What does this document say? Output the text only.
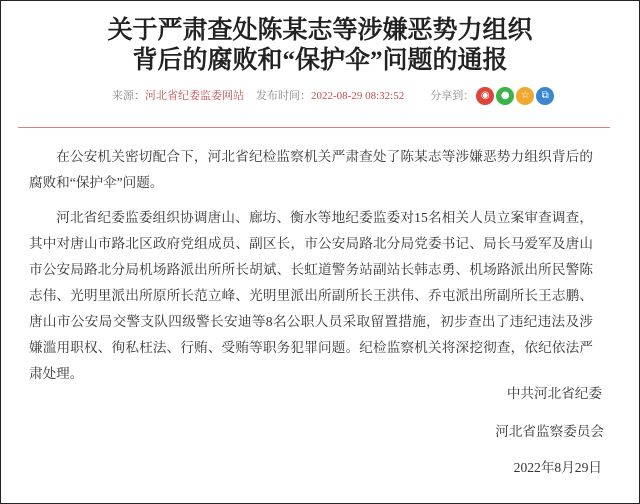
关于严肃查处陈某志等涉嫌恶势力组织
背后的腐败和“保护伞”问题的通报
来源： 河北省纪委监委网站 发布时间： 2022-08-29 08:32:52 分享到： ◉	●	☆	⧉

在公安机关密切配合下，河北省纪检监察机关严肃查处了陈某志等涉嫌恶势力组织背后的腐败和“保护伞”问题。

河北省纪委监委组织协调唐山、廊坊、衡水等地纪委监委对15名相关人员立案审查调查，其中对唐山市路北区政府党组成员、副区长，市公安局路北分局党委书记、局长马爱军及唐山市公安局路北分局机场路派出所所长胡斌、长虹道警务站副站长韩志勇、机场路派出所民警陈志伟、光明里派出所原所长范立峰、光明里派出所副所长王洪伟、乔屯派出所副所长王志鹏、唐山市公安局交警支队四级警长安迪等8名公职人员采取留置措施，初步查出了违纪违法及涉嫌滥用职权、徇私枉法、行贿、受贿等职务犯罪问题。纪检监察机关将深挖彻查，依纪依法严肃处理。

中共河北省纪委
河北省监察委员会
2022年8月29日
